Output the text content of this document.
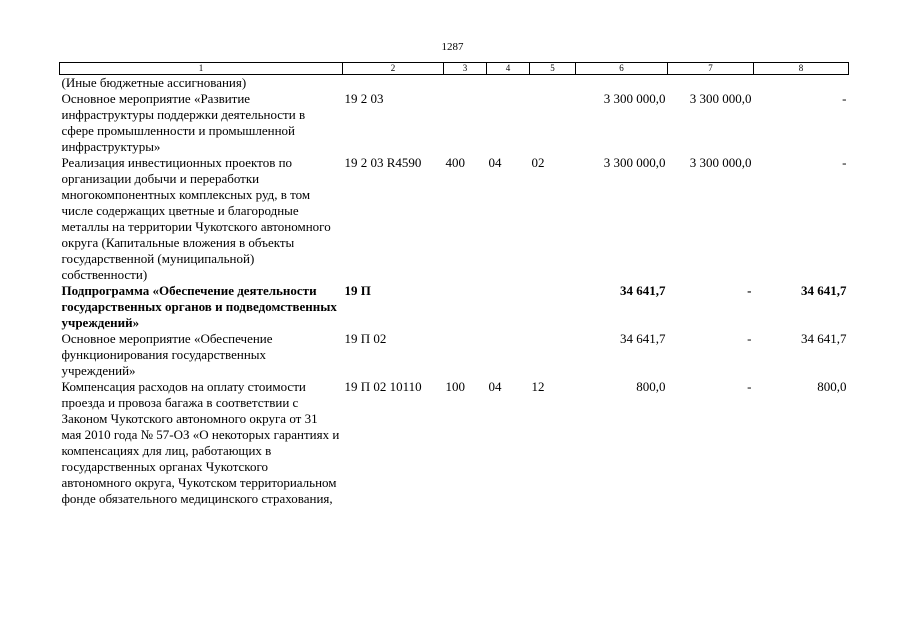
1287
1	2	3	4	5	6	7	8
(Иные бюджетные ассигнования)							
Основное мероприятие «Развитие инфраструктуры поддержки деятельности в сфере промышленности и промышленной инфраструктуры»	19 2 03				3 300 000,0	3 300 000,0	-
Реализация инвестиционных проектов по организации добычи и переработки многокомпонентных комплексных руд, в том числе содержащих цветные и благородные металлы на территории Чукотского автономного округа (Капитальные вложения в объекты государственной (муниципальной) собственности)	19 2 03 R4590	400	04	02	3 300 000,0	3 300 000,0	-
Подпрограмма «Обеспечение деятельности государственных органов и подведомственных учреждений»	19 П				34 641,7	-	34 641,7
Основное мероприятие «Обеспечение функционирования государственных учреждений»	19 П 02				34 641,7	-	34 641,7
Компенсация расходов на оплату стоимости проезда и провоза багажа в соответствии с Законом Чукотского автономного округа от 31 мая 2010 года № 57-ОЗ «О некоторых гарантиях и компенсациях для лиц, работающих в государственных органах Чукотского автономного округа, Чукотском территориальном фонде обязательного медицинского страхования,	19 П 02 10110	100	04	12	800,0	-	800,0
